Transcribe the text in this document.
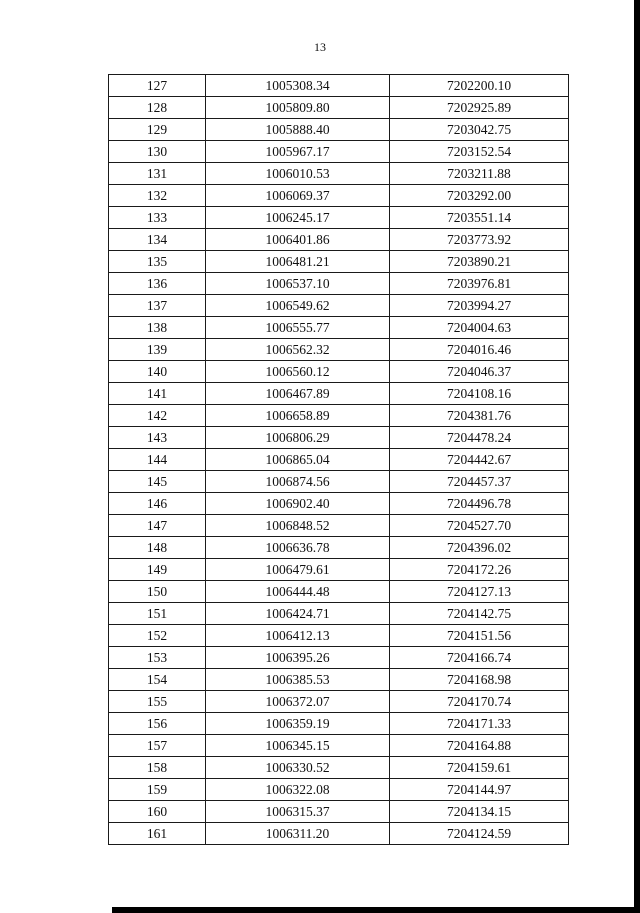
13
127	1005308.34	7202200.10
128	1005809.80	7202925.89
129	1005888.40	7203042.75
130	1005967.17	7203152.54
131	1006010.53	7203211.88
132	1006069.37	7203292.00
133	1006245.17	7203551.14
134	1006401.86	7203773.92
135	1006481.21	7203890.21
136	1006537.10	7203976.81
137	1006549.62	7203994.27
138	1006555.77	7204004.63
139	1006562.32	7204016.46
140	1006560.12	7204046.37
141	1006467.89	7204108.16
142	1006658.89	7204381.76
143	1006806.29	7204478.24
144	1006865.04	7204442.67
145	1006874.56	7204457.37
146	1006902.40	7204496.78
147	1006848.52	7204527.70
148	1006636.78	7204396.02
149	1006479.61	7204172.26
150	1006444.48	7204127.13
151	1006424.71	7204142.75
152	1006412.13	7204151.56
153	1006395.26	7204166.74
154	1006385.53	7204168.98
155	1006372.07	7204170.74
156	1006359.19	7204171.33
157	1006345.15	7204164.88
158	1006330.52	7204159.61
159	1006322.08	7204144.97
160	1006315.37	7204134.15
161	1006311.20	7204124.59
